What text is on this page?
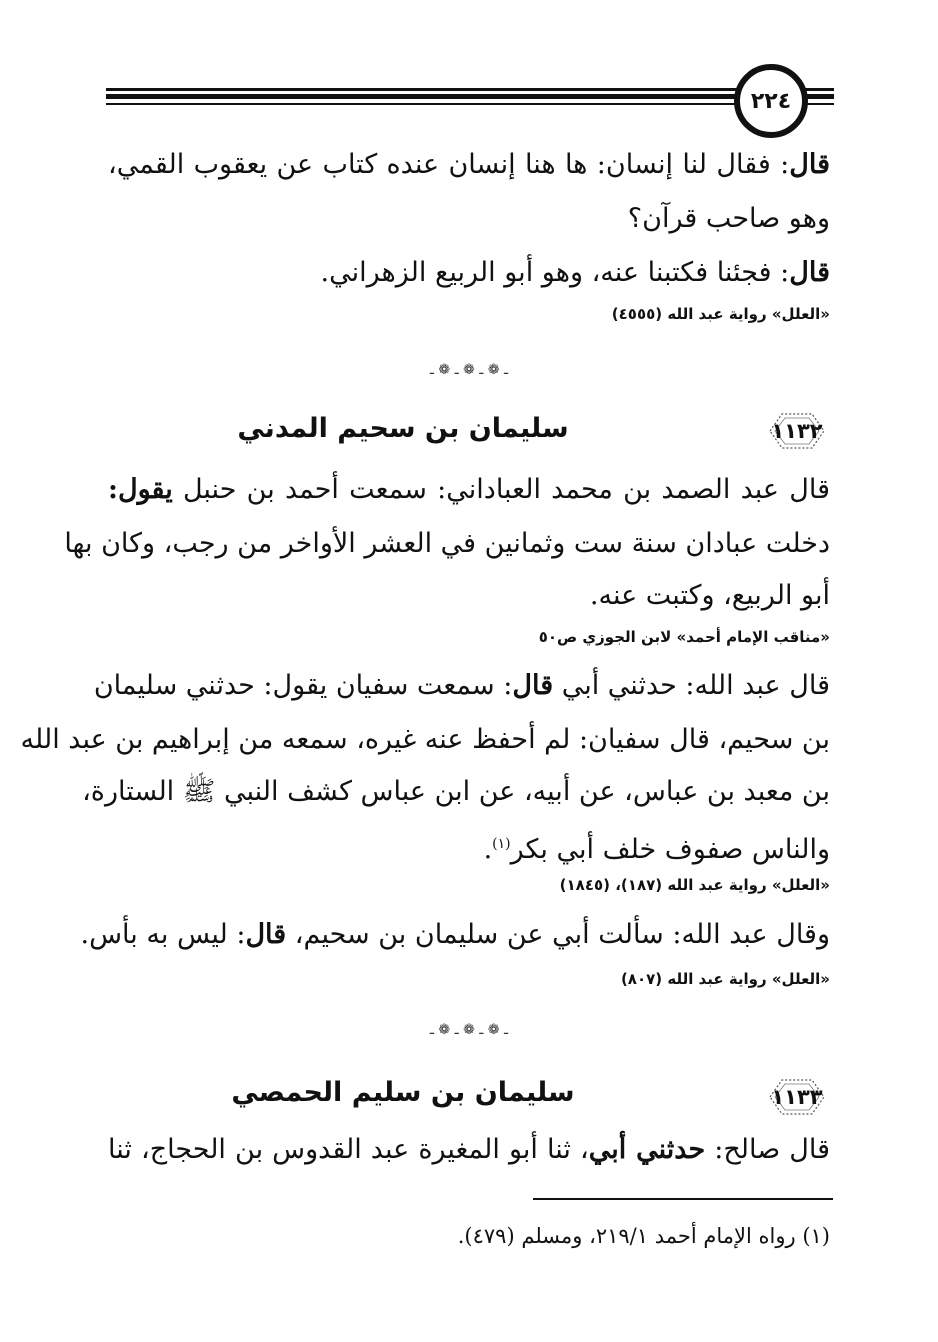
٢٢٤
قال: فقال لنا إنسان: ها هنا إنسان عنده كتاب عن يعقوب القمي،
وهو صاحب قرآن؟
قال: فجئنا فكتبنا عنه، وهو أبو الربيع الزهراني.
«العلل» رواية عبد الله (٤٥٥٥)
ـ ❁ ـ ❁ ـ ❁ ـ
١١٣٢
سليمان بن سحيم المدني
قال عبد الصمد بن محمد العباداني: سمعت أحمد بن حنبل يقول:
دخلت عبادان سنة ست وثمانين في العشر الأواخر من رجب، وكان بها
أبو الربيع، وكتبت عنه.
«مناقب الإمام أحمد» لابن الجوزي ص٥٠
قال عبد الله: حدثني أبي قال: سمعت سفيان يقول: حدثني سليمان
بن سحيم، قال سفيان: لم أحفظ عنه غيره، سمعه من إبراهيم بن عبد الله
بن معبد بن عباس، عن أبيه، عن ابن عباس كشف النبي ﷺ الستارة،
والناس صفوف خلف أبي بكر$^{(١)}$.
«العلل» رواية عبد الله (١٨٧)، (١٨٤٥)
وقال عبد الله: سألت أبي عن سليمان بن سحيم، قال: ليس به بأس.
«العلل» رواية عبد الله (٨٠٧)
ـ ❁ ـ ❁ ـ ❁ ـ
١١٣٣
سليمان بن سليم الحمصي
قال صالح: حدثني أبي، ثنا أبو المغيرة عبد القدوس بن الحجاج، ثنا
(١) رواه الإمام أحمد ٢١٩/١، ومسلم (٤٧٩).
